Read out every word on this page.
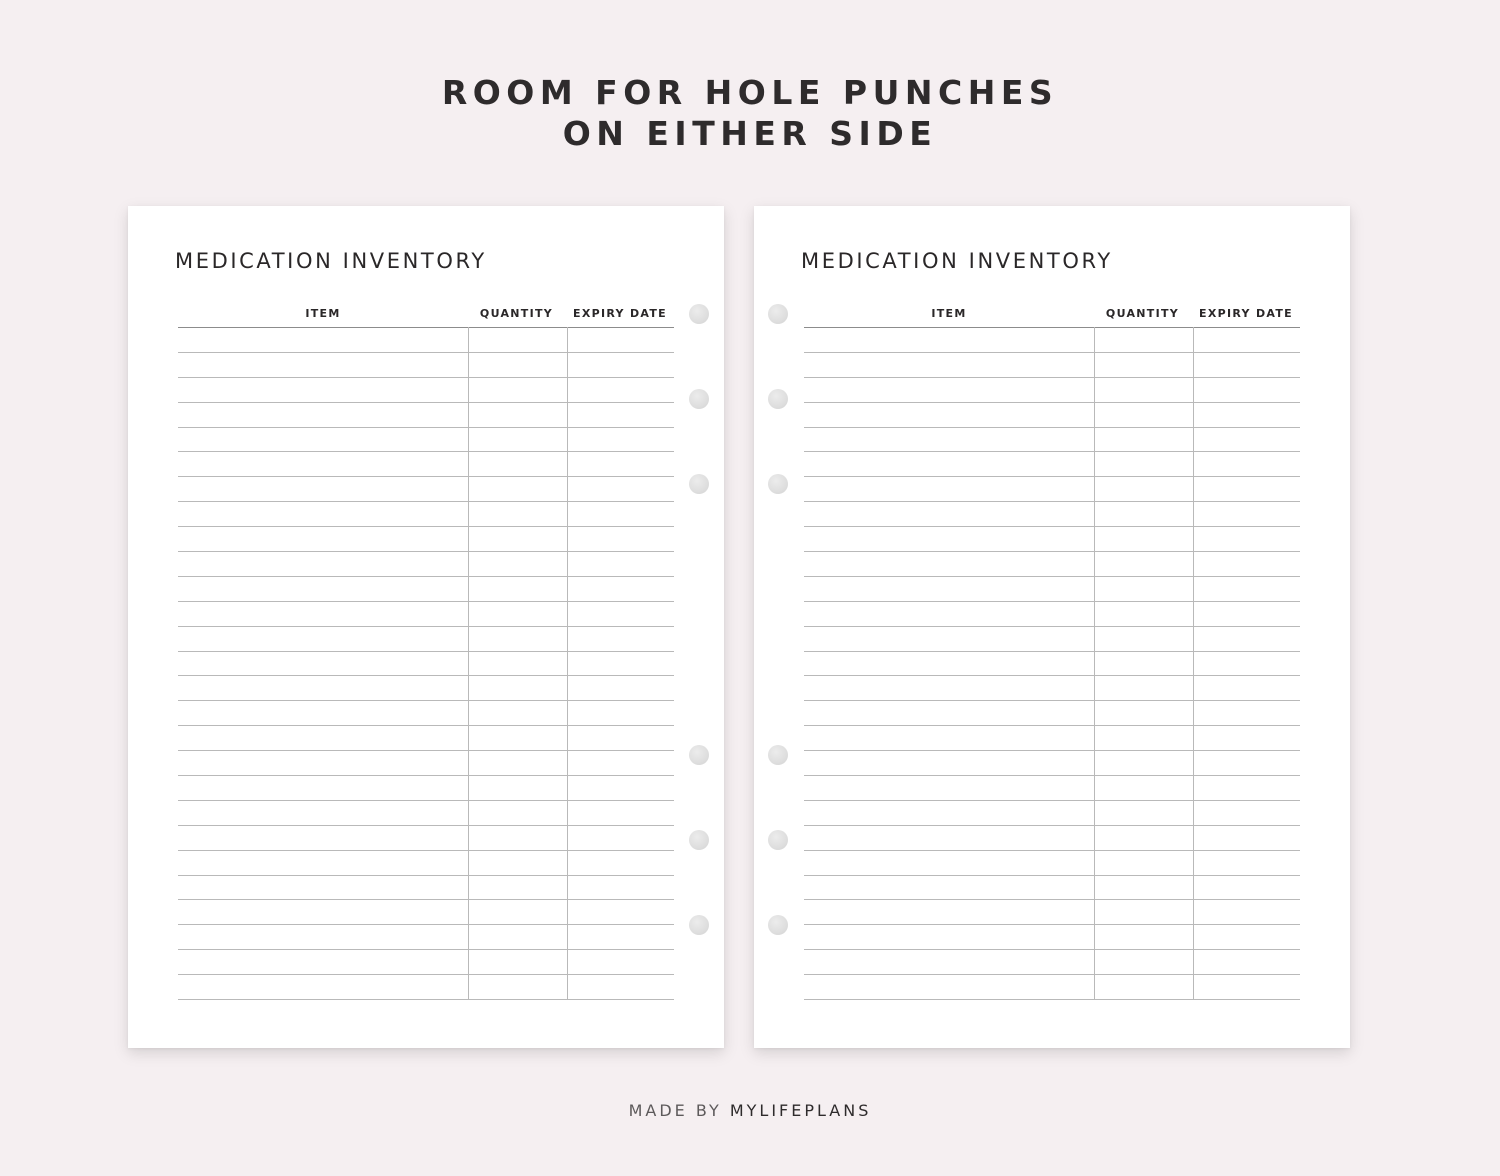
ROOM FOR HOLE PUNCHES
ON EITHER SIDE
MEDICATION INVENTORY
ITEM	QUANTITY	EXPIRY DATE
MEDICATION INVENTORY
ITEM	QUANTITY	EXPIRY DATE
MADE BY MYLIFEPLANS
